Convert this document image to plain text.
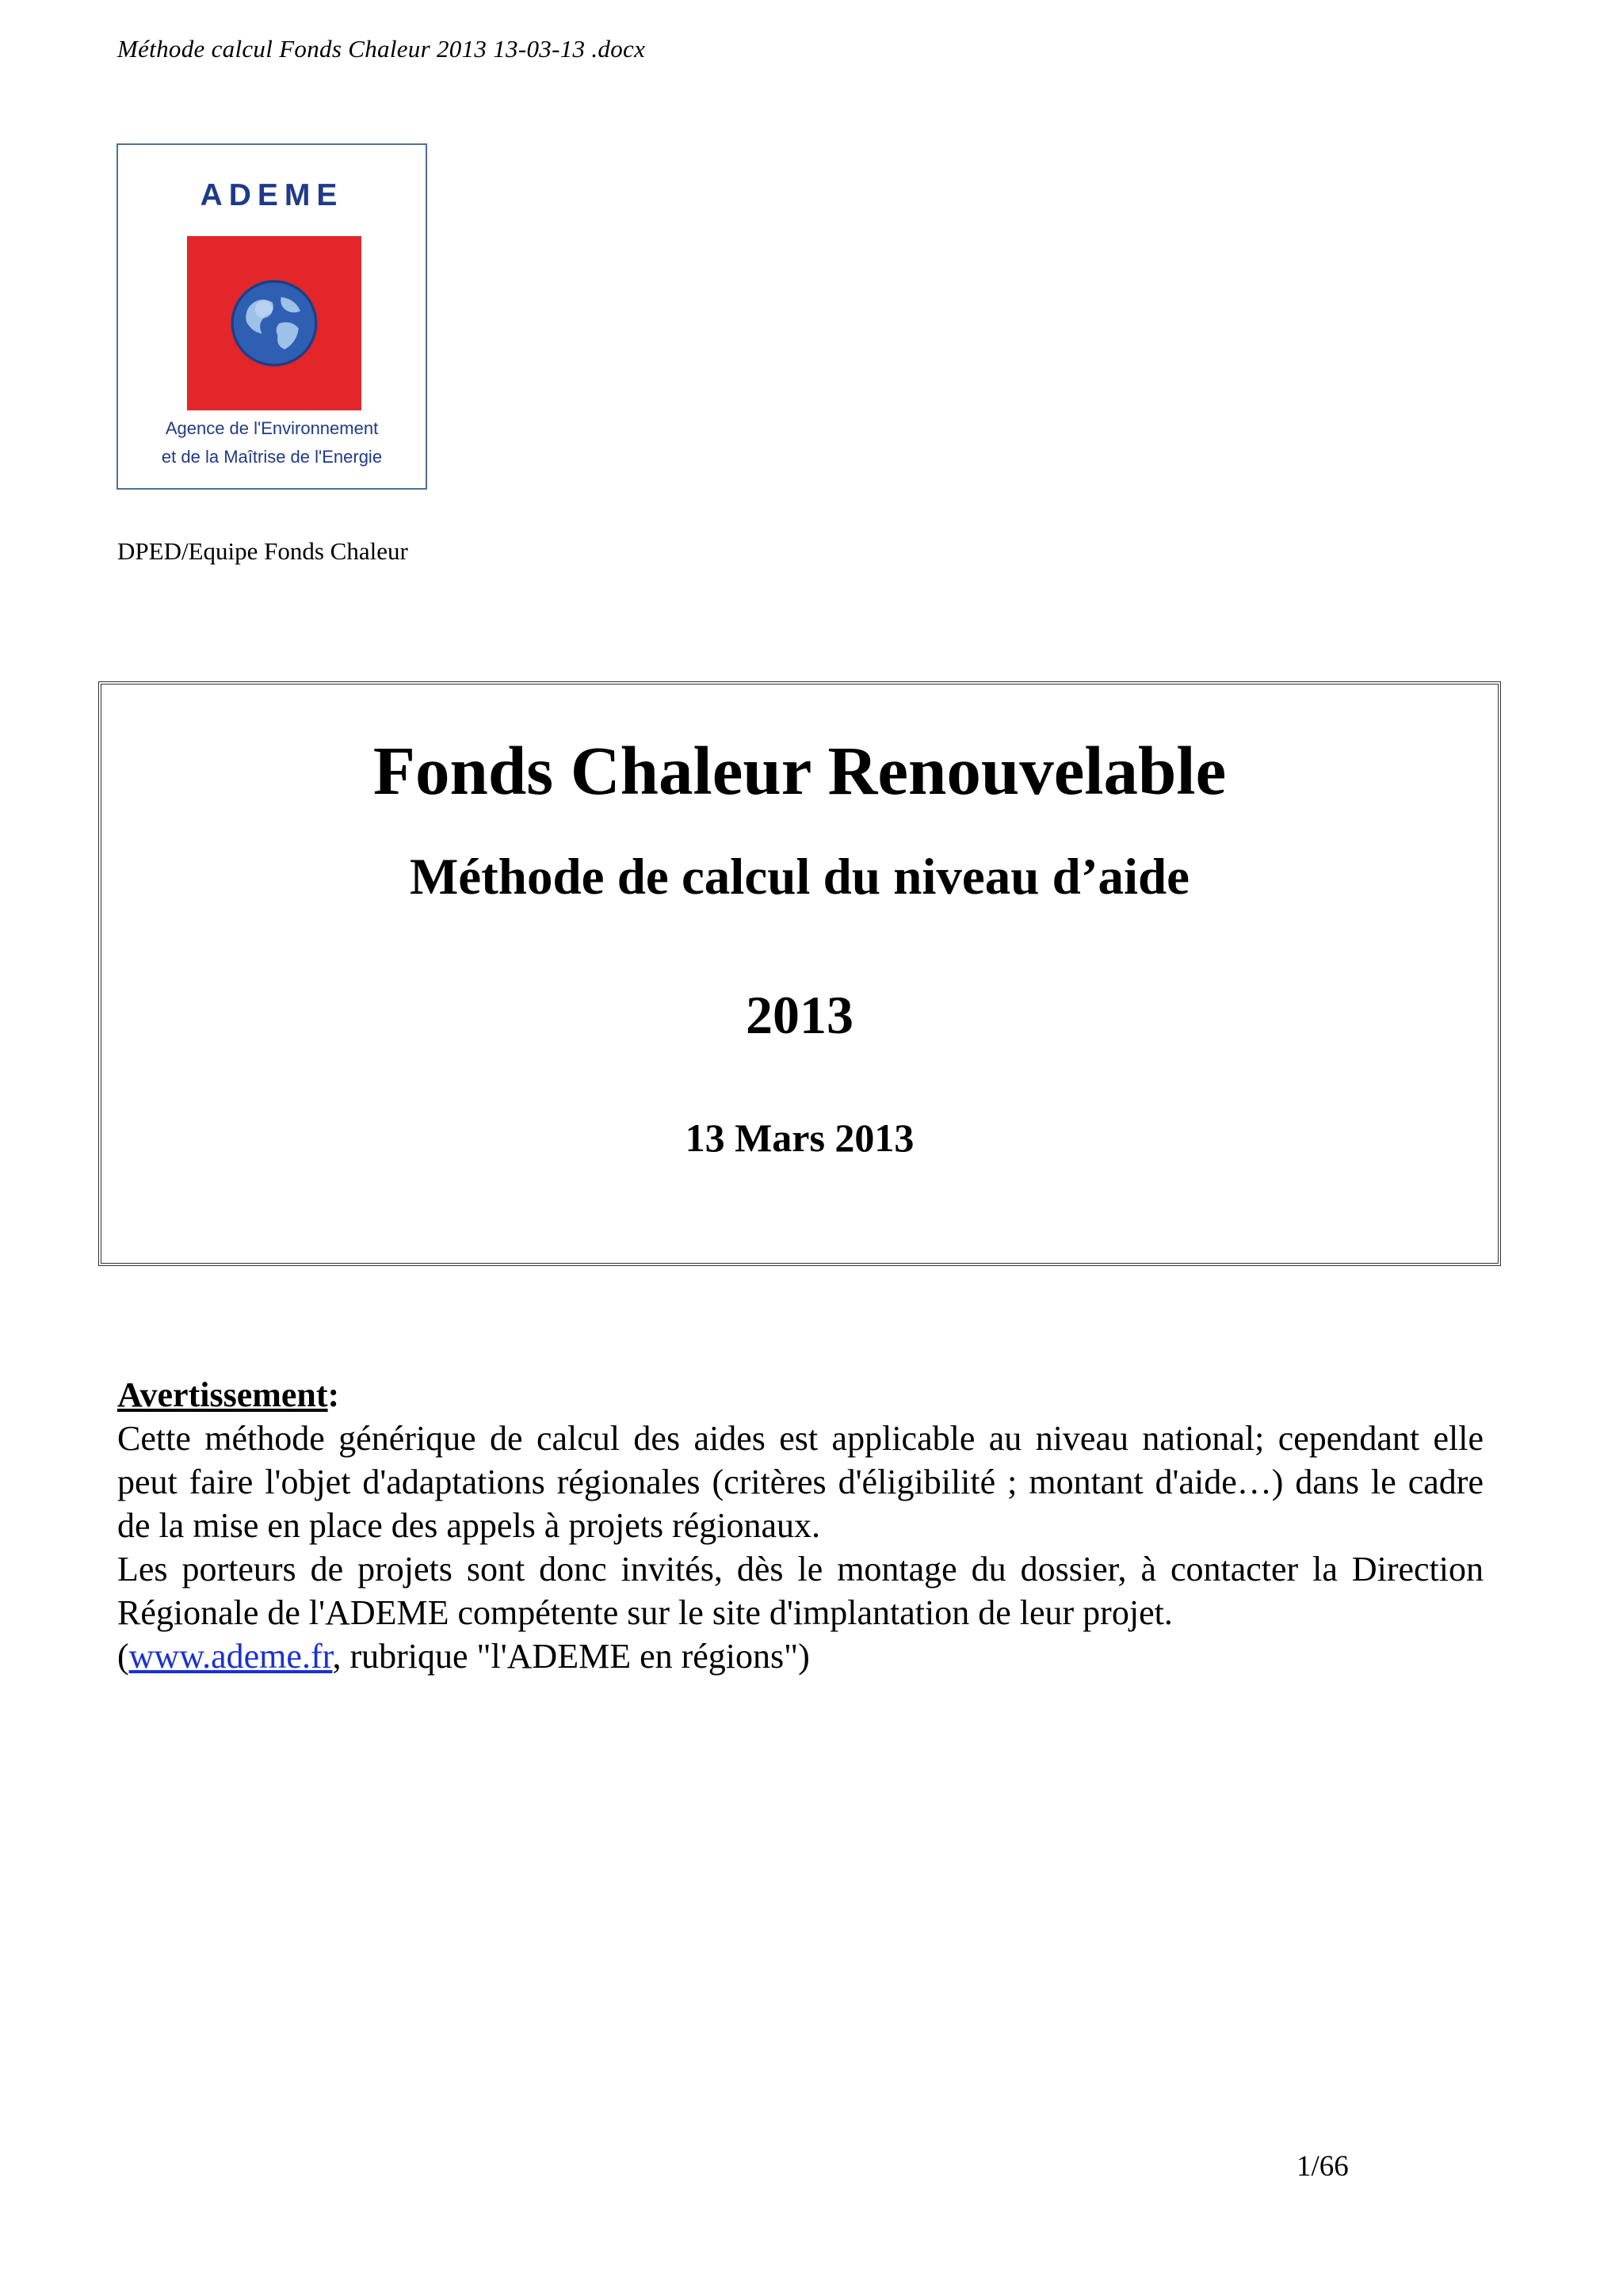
Méthode calcul Fonds Chaleur 2013 13-03-13 .docx
ADEME
Agence de l'Environnement
et de la Maîtrise de l'Energie
DPED/Equipe Fonds Chaleur
Fonds Chaleur Renouvelable
Méthode de calcul du niveau d’aide
2013
13 Mars 2013
Avertissement:

Cette méthode générique de calcul des aides est applicable au niveau national; cependant elle peut faire l'objet d'adaptations régionales (critères d'éligibilité ; montant d'aide…) dans le cadre de la mise en place des appels à projets régionaux.

Les porteurs de projets sont donc invités, dès le montage du dossier, à contacter la Direction Régionale de l'ADEME compétente sur le site d'implantation de leur projet.

(www.ademe.fr, rubrique "l'ADEME en régions")

1/66
